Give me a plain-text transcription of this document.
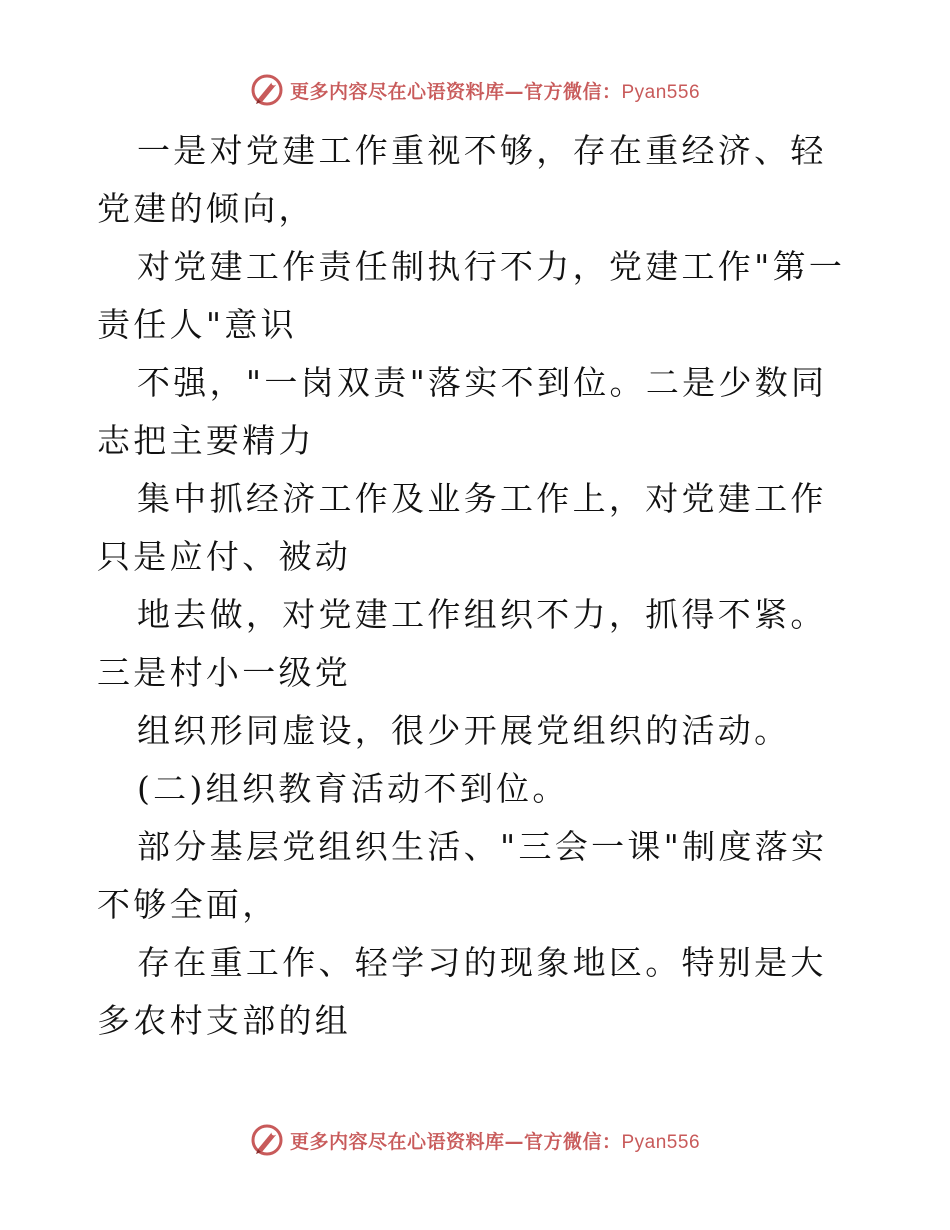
更多内容尽在心语资料库—官方微信：Pyan556

一是对党建工作重视不够，存在重经济、轻党建的倾向，

对党建工作责任制执行不力，党建工作"第一责任人"意识

不强，"一岗双责"落实不到位。二是少数同志把主要精力

集中抓经济工作及业务工作上，对党建工作只是应付、被动

地去做，对党建工作组织不力，抓得不紧。三是村小一级党

组织形同虚设，很少开展党组织的活动。

(二)组织教育活动不到位。

部分基层党组织生活、"三会一课"制度落实不够全面，

存在重工作、轻学习的现象地区。特别是大多农村支部的组

更多内容尽在心语资料库—官方微信：Pyan556
